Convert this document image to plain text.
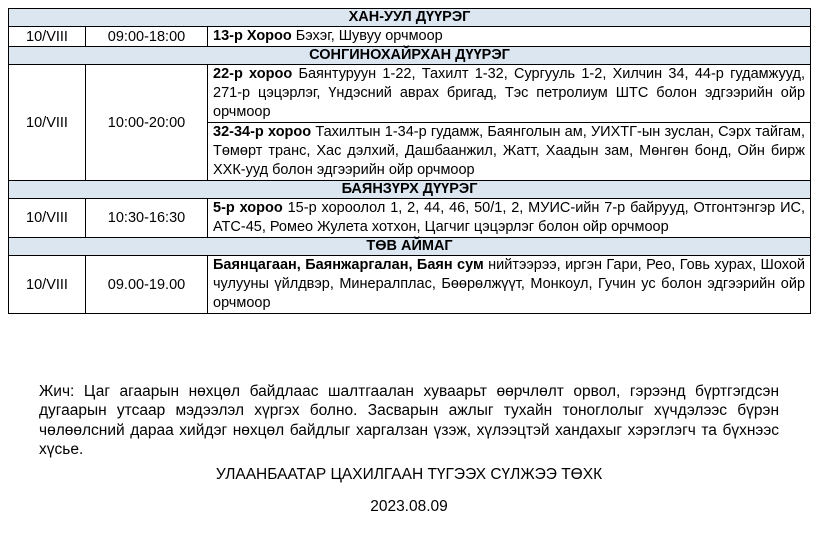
ХАН-УУЛ ДҮҮРЭГ		
10/VIII	09:00-18:00	13-р Хороо Бэхэг, Шувуу орчмоор
СОНГИНОХАЙРХАН ДҮҮРЭГ		
10/VIII	10:00-20:00	22-р хороо Баянтуруун 1-22, Тахилт 1-32, Сургууль 1-2, Хилчин 34, 44-р гудамжууд, 271-р цэцэрлэг, Үндэсний аврах бригад, Тэс петролиум ШТС болон эдгээрийн ойр орчмоор
		32-34-р хороо Тахилтын 1-34-р гудамж, Баянголын ам, УИХТГ-ын зуслан, Сэрх тайгам, Төмөрт транс, Хас дэлхий, Дашбаанжил, Жатт, Хаадын зам, Мөнгөн бонд, Ойн бирж ХХК-ууд болон эдгээрийн ойр орчмоор
БАЯНЗҮРХ ДҮҮРЭГ		
10/VIII	10:30-16:30	5-р хороо 15-р хороолол 1, 2, 44, 46, 50/1, 2, МУИС-ийн 7-р байрууд, Отгонтэнгэр ИС, АТС-45, Ромео Жулета хотхон, Цагчиг цэцэрлэг болон ойр орчмоор
ТӨВ АЙМАГ		
10/VIII	09.00-19.00	Баянцагаан, Баянжаргалан, Баян сум нийтээрээ, иргэн Гари, Рео, Говь хурах, Шохой чулууны үйлдвэр, Минералплас, Бөөрөлжүүт, Монкоул, Гучин ус болон эдгээрийн ойр орчмоор

Жич: Цаг агаарын нөхцөл байдлаас шалтгаалан хуваарьт өөрчлөлт орвол, гэрээнд бүртгэгдсэн дугаарын утсаар мэдээлэл хүргэх болно. Засварын ажлыг тухайн тоноглолыг хүчдэлээс бүрэн чөлөөлсний дараа хийдэг нөхцөл байдлыг харгалзан үзэж, хүлээцтэй хандахыг хэрэглэгч та бүхнээс хүсье.

УЛААНБААТАР ЦАХИЛГААН ТҮГЭЭХ СҮЛЖЭЭ ТӨХК
2023.08.09
